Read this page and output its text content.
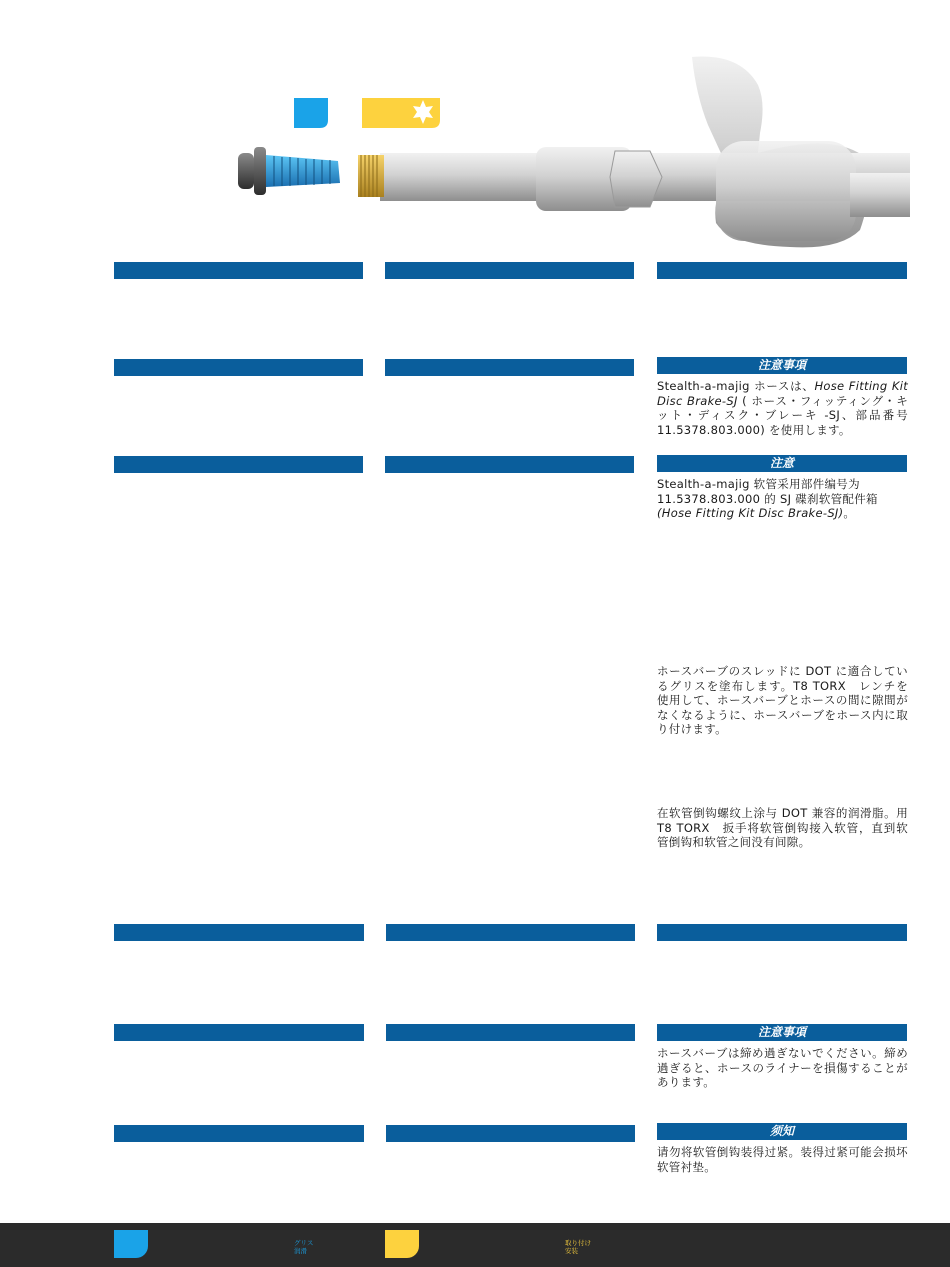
注意事項
Stealth-a-majig ホースは、Hose Fitting Kit Disc Brake-SJ ( ホース・フィッティング・キット・ディスク・ブレーキ -SJ、部品番号 11.5378.803.000) を使用します。
注意
Stealth-a-majig 软管采用部件编号为 11.5378.803.000 的 SJ 碟刹软管配件箱 (Hose Fitting Kit Disc Brake-SJ)。
ホースバーブのスレッドに DOT に適合しているグリスを塗布します。T8 TORX　レンチを使用して、ホースバーブとホースの間に隙間がなくなるように、ホースバーブをホース内に取り付けます。
在软管倒钩螺纹上涂与 DOT 兼容的润滑脂。用 T8 TORX　扳手将软管倒钩接入软管，直到软管倒钩和软管之间没有间隙。
注意事項
ホースバーブは締め過ぎないでください。締め過ぎると、ホースのライナーを損傷することがあります。
须知
请勿将软管倒钩装得过紧。装得过紧可能会损坏软管衬垫。
グリス
润滑
取り付け
安装
